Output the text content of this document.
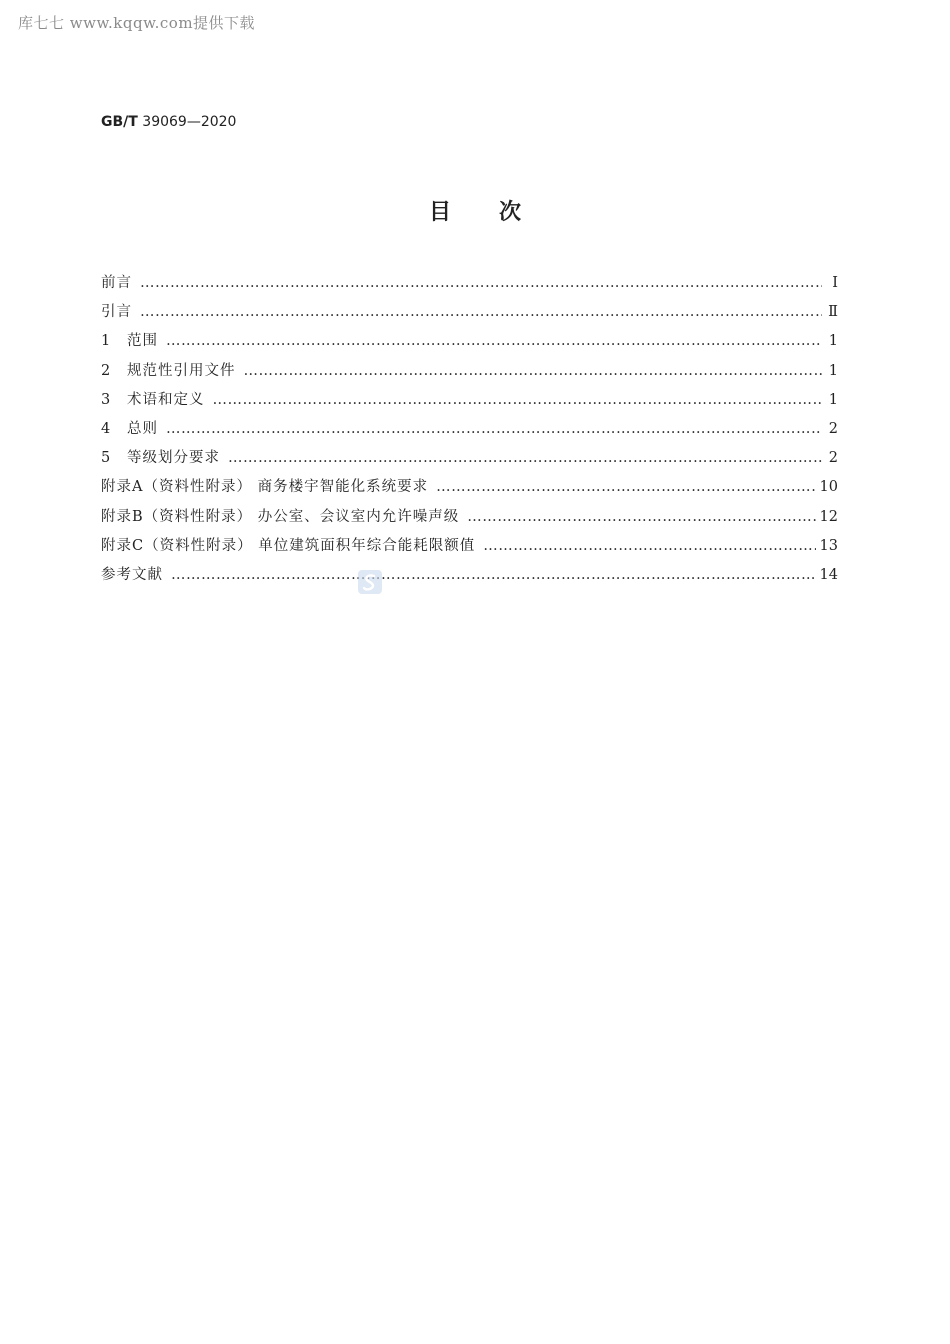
库七七 www.kqqw.com提供下载
GB/T 39069—2020
目次
前言 ……………………………………………………………………………………………………………………………………………………………………………………………………………………………………………………	Ⅰ
引言 ……………………………………………………………………………………………………………………………………………………………………………………………………………………………………………………	Ⅱ
1	范围 ……………………………………………………………………………………………………………………………………………………………………………………………………………………………………………………	1
2	规范性引用文件 ……………………………………………………………………………………………………………………………………………………………………………………………………………………………………………………	1
3	术语和定义 ……………………………………………………………………………………………………………………………………………………………………………………………………………………………………………………	1
4	总则 ……………………………………………………………………………………………………………………………………………………………………………………………………………………………………………………	2
5	等级划分要求 ……………………………………………………………………………………………………………………………………………………………………………………………………………………………………………………	2
附录A（资料性附录） 商务楼宇智能化系统要求 ……………………………………………………………………………………………………………………………………………………………………………………………………………………………………………………	10
附录B（资料性附录） 办公室、会议室内允许噪声级 ……………………………………………………………………………………………………………………………………………………………………………………………………………………………………………………	12
附录C（资料性附录） 单位建筑面积年综合能耗限额值 ……………………………………………………………………………………………………………………………………………………………………………………………………………………………………………………	13
参考文献 ……………………………………………………………………………………………………………………………………………………………………………………………………………………………………………………	14
